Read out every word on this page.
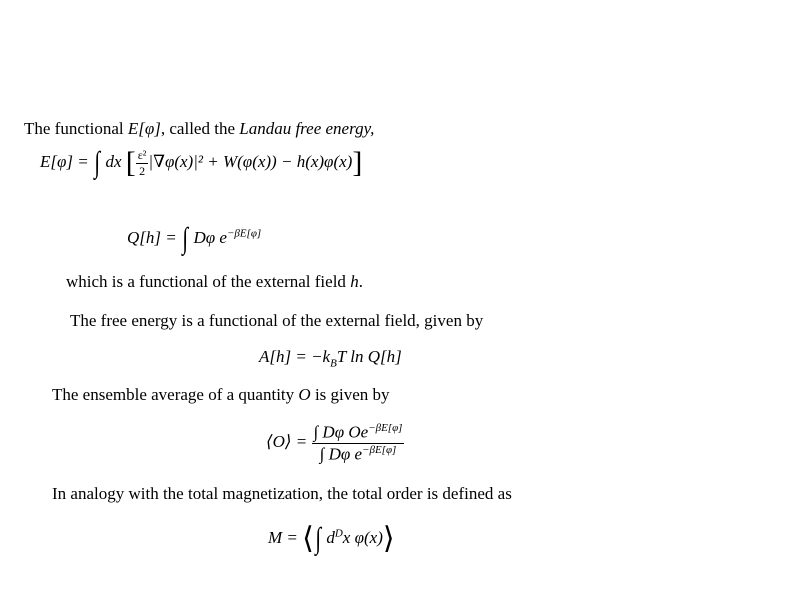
The functional E[φ], called the Landau free energy,
E[φ] = ∫ dx [ $\frac{\text{ε²}}{2} |\nabla\varphi(x)|^2 + W(\varphi(x)) - h(x)\varphi(x)$]
Q[h] = ∫ Dφ $e^{-\beta E[\varphi]}$
which is a functional of the external field h.
The free energy is a functional of the external field, given by
$A[h] = -k_BT$ ln Q[h]
The ensemble average of a quantity O is given by
⟨O⟩ = $\frac{\int D\varphi Oe^{-\beta E[\varphi]}}{\int D\varphi e^{-\beta E[\varphi]}}$
In analogy with the total magnetization, the total order is defined as
M = ⟨∫ $d^Dx$ φ(x)⟩
